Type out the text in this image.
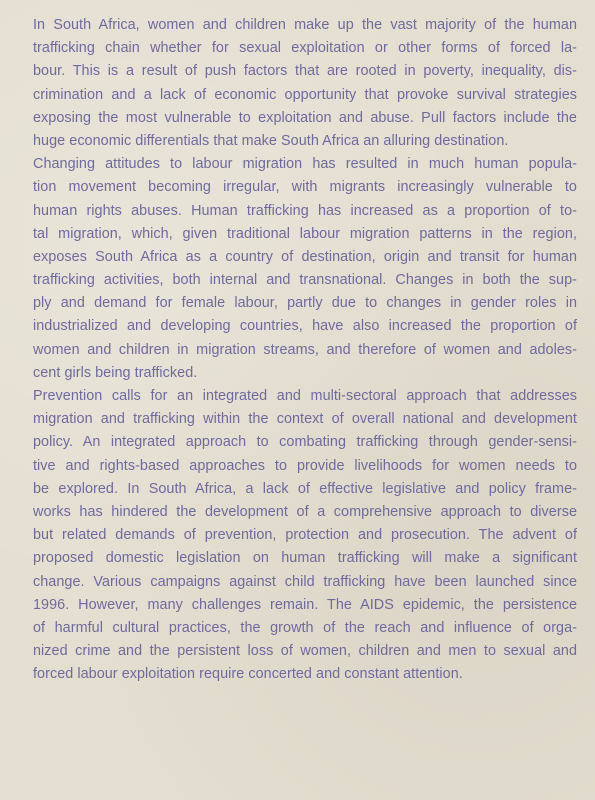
In South Africa, women and children make up the vast majority of the human
trafficking chain whether for sexual exploitation or other forms of forced la-
bour. This is a result of push factors that are rooted in poverty, inequality, dis-
crimination and a lack of economic opportunity that provoke survival strategies
exposing the most vulnerable to exploitation and abuse. Pull factors include the
huge economic differentials that make South Africa an alluring destination.
Changing attitudes to labour migration has resulted in much human popula-
tion movement becoming irregular, with migrants increasingly vulnerable to
human rights abuses. Human trafficking has increased as a proportion of to-
tal migration, which, given traditional labour migration patterns in the region,
exposes South Africa as a country of destination, origin and transit for human
trafficking activities, both internal and transnational. Changes in both the sup-
ply and demand for female labour, partly due to changes in gender roles in
industrialized and developing countries, have also increased the proportion of
women and children in migration streams, and therefore of women and adoles-
cent girls being trafficked.
Prevention calls for an integrated and multi-sectoral approach that addresses
migration and trafficking within the context of overall national and development
policy. An integrated approach to combating trafficking through gender-sensi-
tive and rights-based approaches to provide livelihoods for women needs to
be explored. In South Africa, a lack of effective legislative and policy frame-
works has hindered the development of a comprehensive approach to diverse
but related demands of prevention, protection and prosecution. The advent of
proposed domestic legislation on human trafficking will make a significant
change. Various campaigns against child trafficking have been launched since
1996. However, many challenges remain. The AIDS epidemic, the persistence
of harmful cultural practices, the growth of the reach and influence of orga-
nized crime and the persistent loss of women, children and men to sexual and
forced labour exploitation require concerted and constant attention.
